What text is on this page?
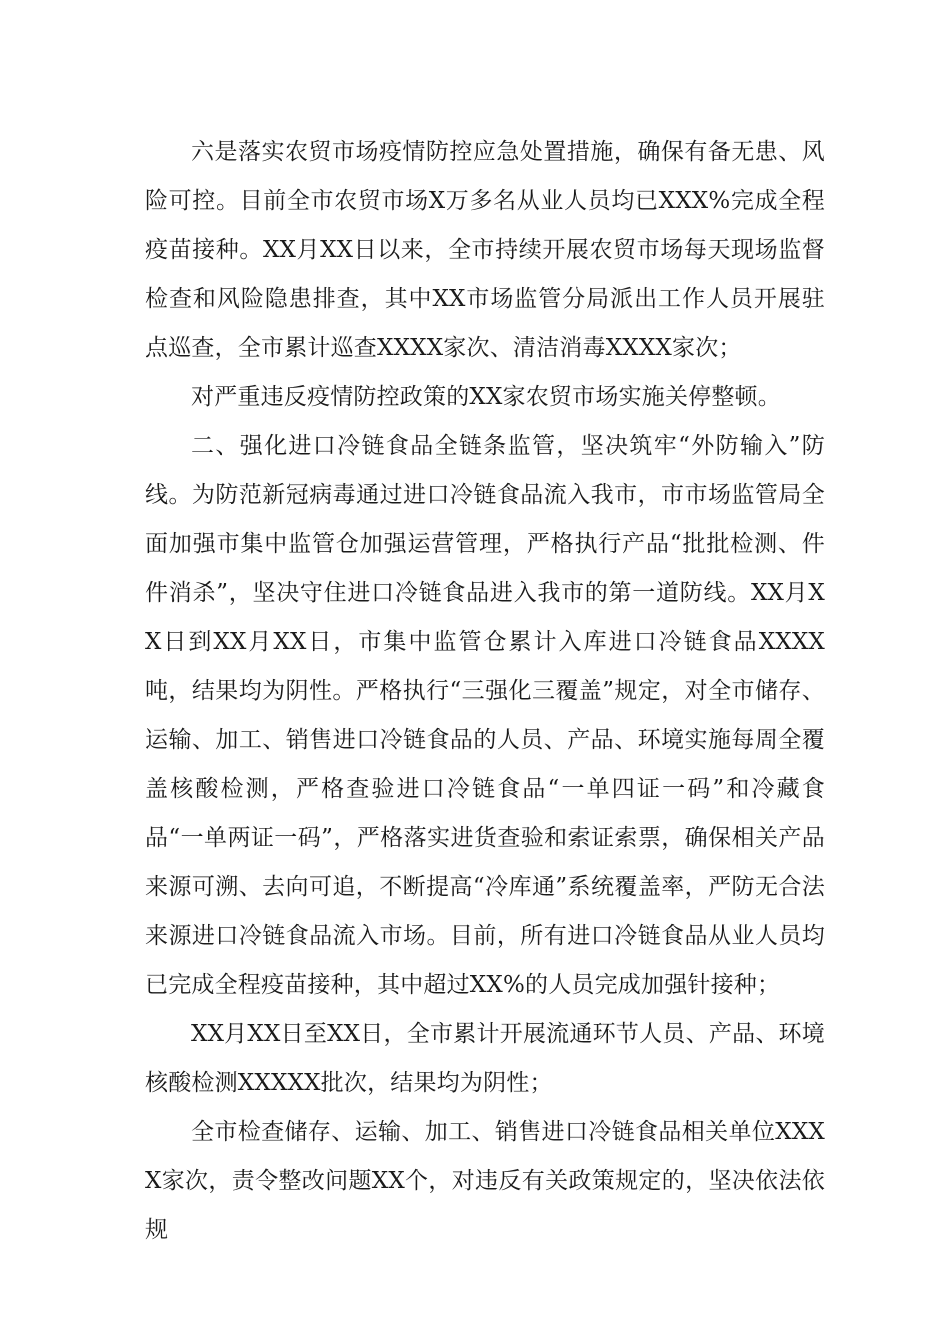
六是落实农贸市场疫情防控应急处置措施，确保有备无患、风险可控。目前全市农贸市场X万多名从业人员均已XXX%完成全程疫苗接种。XX月XX日以来，全市持续开展农贸市场每天现场监督检查和风险隐患排查，其中XX市场监管分局派出工作人员开展驻点巡查，全市累计巡查XXXX家次、清洁消毒XXXX家次；

对严重违反疫情防控政策的XX家农贸市场实施关停整顿。

二、强化进口冷链食品全链条监管，坚决筑牢“外防输入”防线。为防范新冠病毒通过进口冷链食品流入我市，市市场监管局全面加强市集中监管仓加强运营管理，严格执行产品“批批检测、件件消杀”，坚决守住进口冷链食品进入我市的第一道防线。XX月XX日到XX月XX日，市集中监管仓累计入库进口冷链食品XXXX吨，结果均为阴性。严格执行“三强化三覆盖”规定，对全市储存、运输、加工、销售进口冷链食品的人员、产品、环境实施每周全覆盖核酸检测，严格查验进口冷链食品“一单四证一码”和冷藏食品“一单两证一码”，严格落实进货查验和索证索票，确保相关产品来源可溯、去向可追，不断提高“冷库通”系统覆盖率，严防无合法来源进口冷链食品流入市场。目前，所有进口冷链食品从业人员均已完成全程疫苗接种，其中超过XX%的人员完成加强针接种；

XX月XX日至XX日，全市累计开展流通环节人员、产品、环境核酸检测XXXXX批次，结果均为阴性；

全市检查储存、运输、加工、销售进口冷链食品相关单位XXXX家次，责令整改问题XX个，对违反有关政策规定的，坚决依法依规
